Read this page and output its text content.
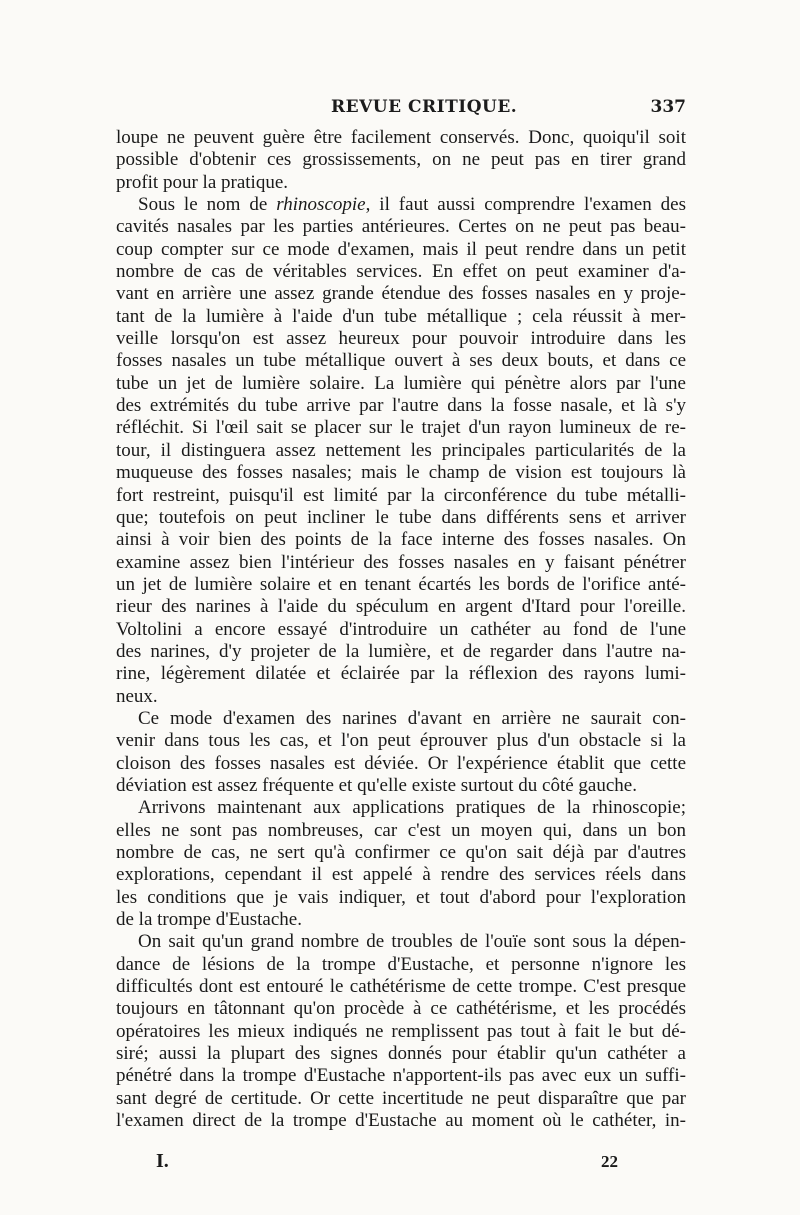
REVUE CRITIQUE.	337
loupe ne peuvent guère être facilement conservés. Donc, quoiqu'il soit
possible d'obtenir ces grossissements, on ne peut pas en tirer grand
profit pour la pratique.
Sous le nom de rhinoscopie, il faut aussi comprendre l'examen des
cavités nasales par les parties antérieures. Certes on ne peut pas beau-
coup compter sur ce mode d'examen, mais il peut rendre dans un petit
nombre de cas de véritables services. En effet on peut examiner d'a-
vant en arrière une assez grande étendue des fosses nasales en y proje-
tant de la lumière à l'aide d'un tube métallique ; cela réussit à mer-
veille lorsqu'on est assez heureux pour pouvoir introduire dans les
fosses nasales un tube métallique ouvert à ses deux bouts, et dans ce
tube un jet de lumière solaire. La lumière qui pénètre alors par l'une
des extrémités du tube arrive par l'autre dans la fosse nasale, et là s'y
réfléchit. Si l'œil sait se placer sur le trajet d'un rayon lumineux de re-
tour, il distinguera assez nettement les principales particularités de la
muqueuse des fosses nasales; mais le champ de vision est toujours là
fort restreint, puisqu'il est limité par la circonférence du tube métalli-
que; toutefois on peut incliner le tube dans différents sens et arriver
ainsi à voir bien des points de la face interne des fosses nasales. On
examine assez bien l'intérieur des fosses nasales en y faisant pénétrer
un jet de lumière solaire et en tenant écartés les bords de l'orifice anté-
rieur des narines à l'aide du spéculum en argent d'Itard pour l'oreille.
Voltolini a encore essayé d'introduire un cathéter au fond de l'une
des narines, d'y projeter de la lumière, et de regarder dans l'autre na-
rine, légèrement dilatée et éclairée par la réflexion des rayons lumi-
neux.
Ce mode d'examen des narines d'avant en arrière ne saurait con-
venir dans tous les cas, et l'on peut éprouver plus d'un obstacle si la
cloison des fosses nasales est déviée. Or l'expérience établit que cette
déviation est assez fréquente et qu'elle existe surtout du côté gauche.
Arrivons maintenant aux applications pratiques de la rhinoscopie;
elles ne sont pas nombreuses, car c'est un moyen qui, dans un bon
nombre de cas, ne sert qu'à confirmer ce qu'on sait déjà par d'autres
explorations, cependant il est appelé à rendre des services réels dans
les conditions que je vais indiquer, et tout d'abord pour l'exploration
de la trompe d'Eustache.
On sait qu'un grand nombre de troubles de l'ouïe sont sous la dépen-
dance de lésions de la trompe d'Eustache, et personne n'ignore les
difficultés dont est entouré le cathétérisme de cette trompe. C'est presque
toujours en tâtonnant qu'on procède à ce cathétérisme, et les procédés
opératoires les mieux indiqués ne remplissent pas tout à fait le but dé-
siré; aussi la plupart des signes donnés pour établir qu'un cathéter a
pénétré dans la trompe d'Eustache n'apportent-ils pas avec eux un suffi-
sant degré de certitude. Or cette incertitude ne peut disparaître que par
l'examen direct de la trompe d'Eustache au moment où le cathéter, in-
I.	22
